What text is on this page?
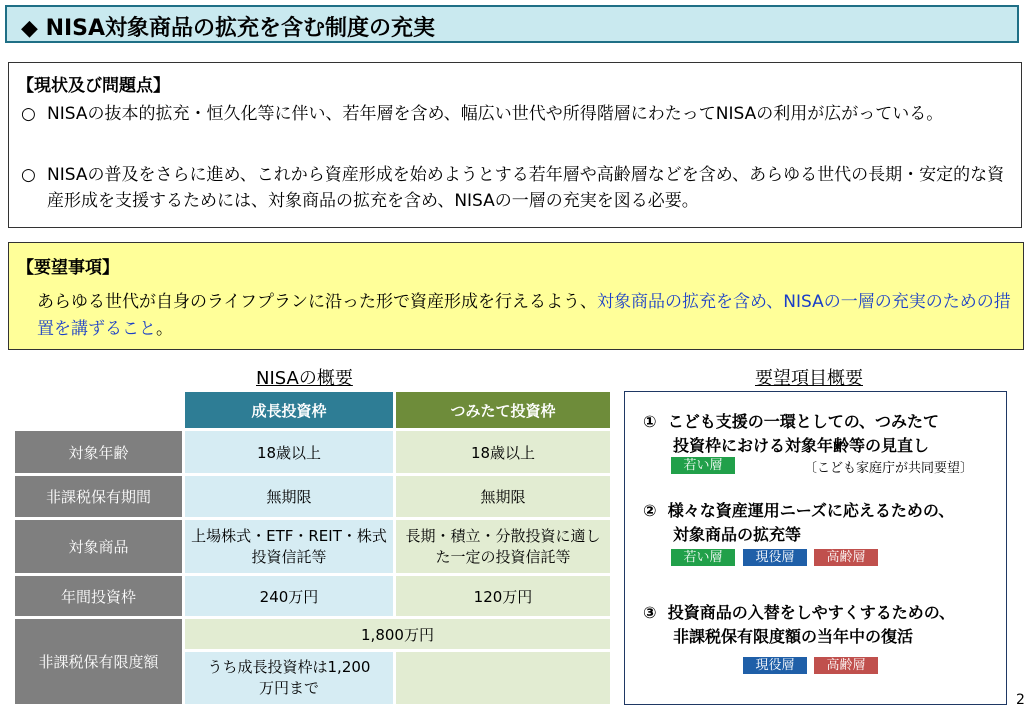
◆ NISA対象商品の拡充を含む制度の充実
【現状及び問題点】
○ NISAの抜本的拡充・恒久化等に伴い、若年層を含め、幅広い世代や所得階層にわたってNISAの利用が広がっている。
○ NISAの普及をさらに進め、これから資産形成を始めようとする若年層や高齢層などを含め、あらゆる世代の長期・安定的な資産形成を支援するためには、対象商品の拡充を含め、NISAの一層の充実を図る必要。
【要望事項】
あらゆる世代が自身のライフプランに沿った形で資産形成を行えるよう、対象商品の拡充を含め、NISAの一層の充実のための措置を講ずること。
NISAの概要	要望項目概要
	成長投資枠	つみたて投資枠
対象年齢	18歳以上	18歳以上
非課税保有期間	無期限	無期限
対象商品	上場株式・ETF・REIT・株式投資信託等	長期・積立・分散投資に適した一定の投資信託等
年間投資枠	240万円	120万円
非課税保有限度額	1,800万円	
	うち成長投資枠は1,200万円まで	
① こども支援の一環としての、つみたて
投資枠における対象年齢等の見直し
若い層	〔こども家庭庁が共同要望〕
② 様々な資産運用ニーズに応えるための、
対象商品の拡充等
若い層	現役層	高齢層
③ 投資商品の入替をしやすくするための、
非課税保有限度額の当年中の復活
現役層	高齢層
2
